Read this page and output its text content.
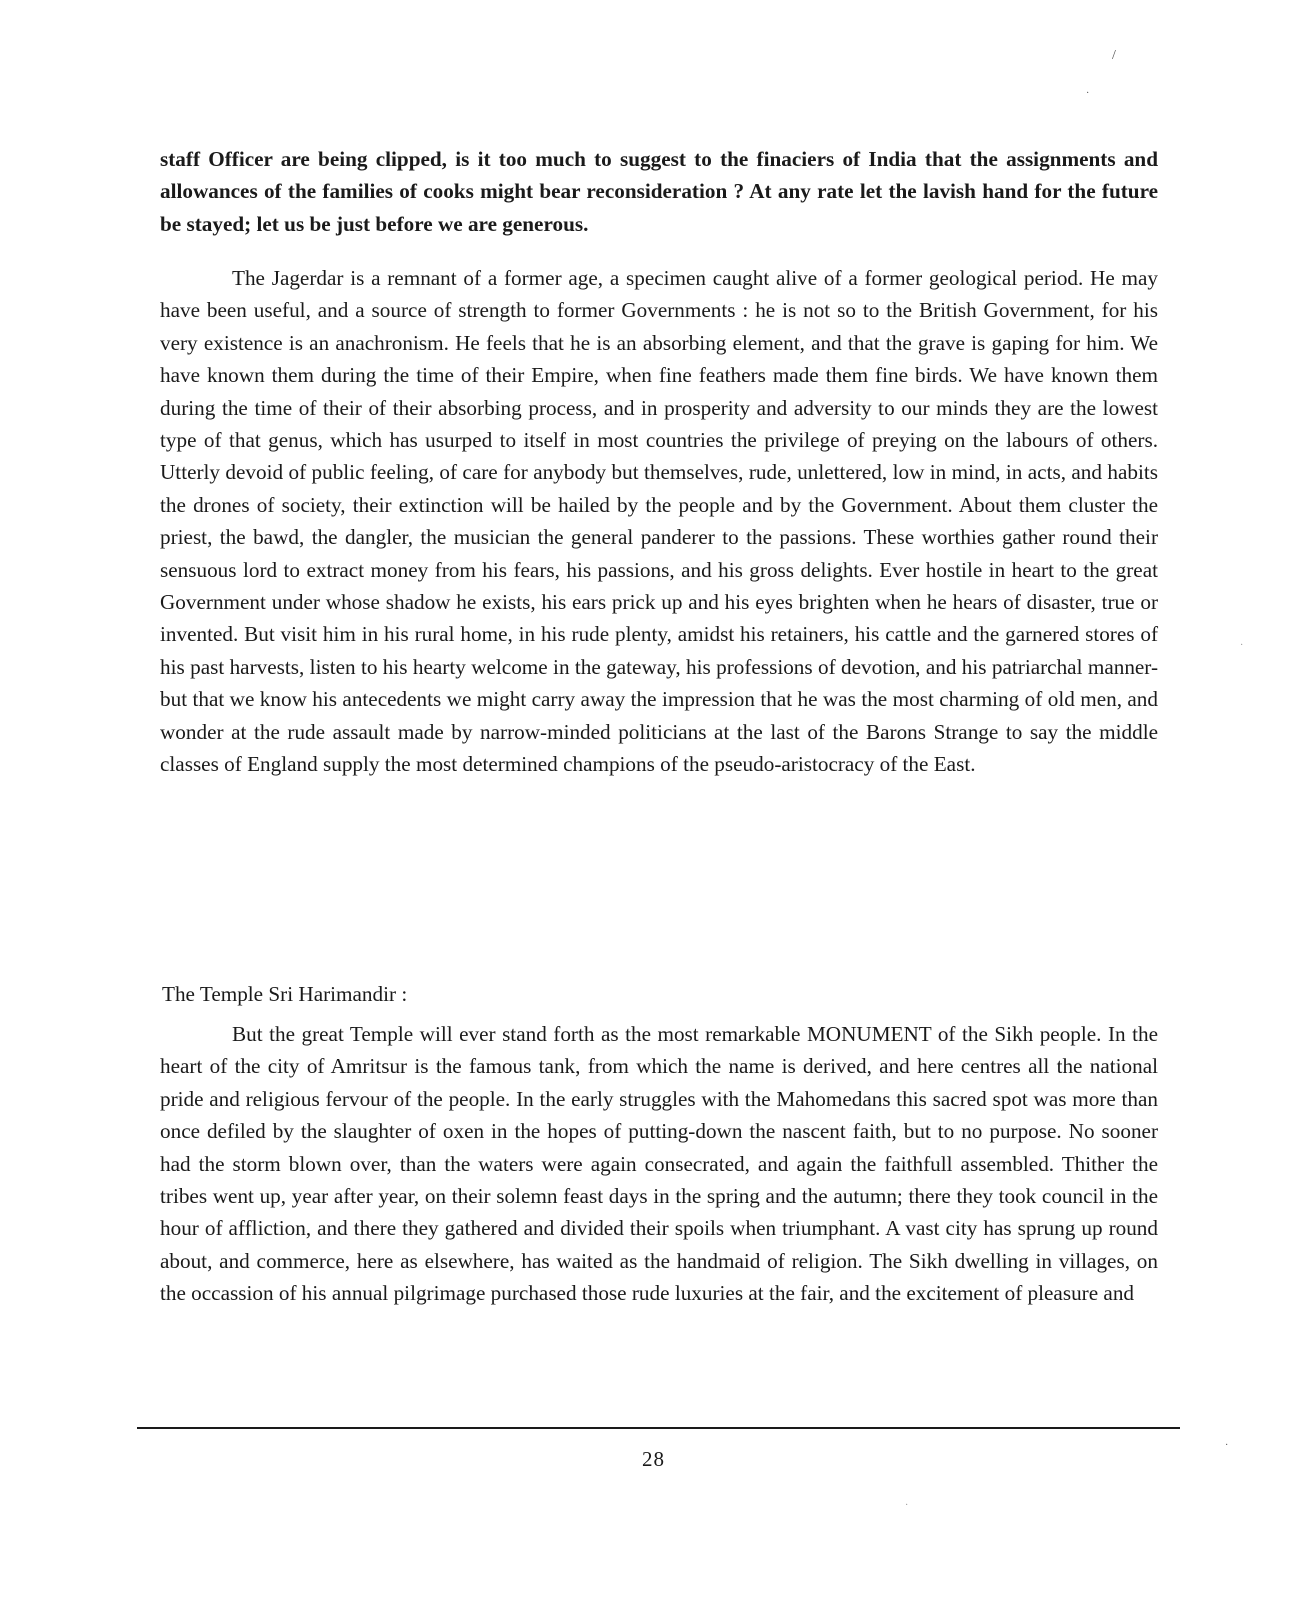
/
·
·
·
·

staff Officer are being clipped, is it too much to suggest to the finaciers of India that the assignments and allowances of the families of cooks might bear reconsideration ? At any rate let the lavish hand for the future be stayed; let us be just before we are generous.

The Jagerdar is a remnant of a former age, a specimen caught alive of a former geological period. He may have been useful, and a source of strength to former Governments : he is not so to the British Government, for his very existence is an anachronism. He feels that he is an absorbing element, and that the grave is gaping for him. We have known them during the time of their Empire, when fine feathers made them fine birds. We have known them during the time of their of their absorbing process, and in prosperity and adversity to our minds they are the lowest type of that genus, which has usurped to itself in most countries the privilege of preying on the labours of others. Utterly devoid of public feeling, of care for anybody but themselves, rude, unlettered, low in mind, in acts, and habits the drones of society, their extinction will be hailed by the people and by the Government. About them cluster the priest, the bawd, the dangler, the musician the general panderer to the passions. These worthies gather round their sensuous lord to extract money from his fears, his passions, and his gross delights. Ever hostile in heart to the great Government under whose shadow he exists, his ears prick up and his eyes brighten when he hears of disaster, true or invented. But visit him in his rural home, in his rude plenty, amidst his retainers, his cattle and the garnered stores of his past harvests, listen to his hearty welcome in the gateway, his professions of devotion, and his patriarchal manner-but that we know his antecedents we might carry away the impression that he was the most charming of old men, and wonder at the rude assault made by narrow-minded politicians at the last of the Barons Strange to say the middle classes of England supply the most determined champions of the pseudo-aristocracy of the East.

The Temple Sri Harimandir :

But the great Temple will ever stand forth as the most remarkable MONUMENT of the Sikh people. In the heart of the city of Amritsur is the famous tank, from which the name is derived, and here centres all the national pride and religious fervour of the people. In the early struggles with the Mahomedans this sacred spot was more than once defiled by the slaughter of oxen in the hopes of putting-down the nascent faith, but to no purpose. No sooner had the storm blown over, than the waters were again consecrated, and again the faithfull assembled. Thither the tribes went up, year after year, on their solemn feast days in the spring and the autumn; there they took council in the hour of affliction, and there they gathered and divided their spoils when triumphant. A vast city has sprung up round about, and commerce, here as elsewhere, has waited as the handmaid of religion. The Sikh dwelling in villages, on the occassion of his annual pilgrimage purchased those rude luxuries at the fair, and the excitement of pleasure and

28
